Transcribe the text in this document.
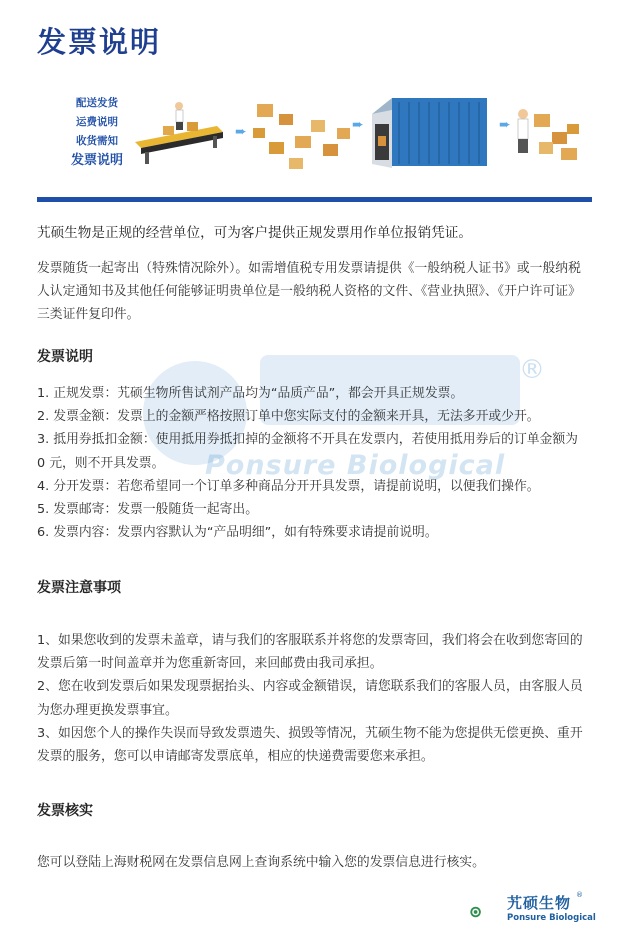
发票说明
配送发货
运费说明
收货需知
发票说明
➨	➨	➨
Ponsure Biological
®
艽硕生物是正规的经营单位，可为客户提供正规发票用作单位报销凭证。
发票随货一起寄出（特殊情况除外）。如需增值税专用发票请提供《一般纳税人证书》或一般纳税人认定通知书及其他任何能够证明贵单位是一般纳税人资格的文件、《营业执照》、《开户许可证》三类证件复印件。
发票说明
1. 正规发票：艽硕生物所售试剂产品均为“品质产品”，都会开具正规发票。
2. 发票金额：发票上的金额严格按照订单中您实际支付的金额来开具，无法多开或少开。
3. 抵用券抵扣金额：使用抵用券抵扣掉的金额将不开具在发票内，若使用抵用券后的订单金额为 0 元，则不开具发票。
4. 分开发票：若您希望同一个订单多种商品分开开具发票，请提前说明，以便我们操作。
5. 发票邮寄：发票一般随货一起寄出。
6. 发票内容：发票内容默认为“产品明细”，如有特殊要求请提前说明。
发票注意事项
1、如果您收到的发票未盖章，请与我们的客服联系并将您的发票寄回，我们将会在收到您寄回的发票后第一时间盖章并为您重新寄回，来回邮费由我司承担。
2、您在收到发票后如果发现票据抬头、内容或金额错误，请您联系我们的客服人员，由客服人员为您办理更换发票事宜。
3、如因您个人的操作失误而导致发票遗失、损毁等情况，艽硕生物不能为您提供无偿更换、重开发票的服务，您可以申请邮寄发票底单，相应的快递费需要您来承担。
发票核实
您可以登陆上海财税网在发票信息网上查询系统中输入您的发票信息进行核实。
艽硕生物
Ponsure Biological
®
